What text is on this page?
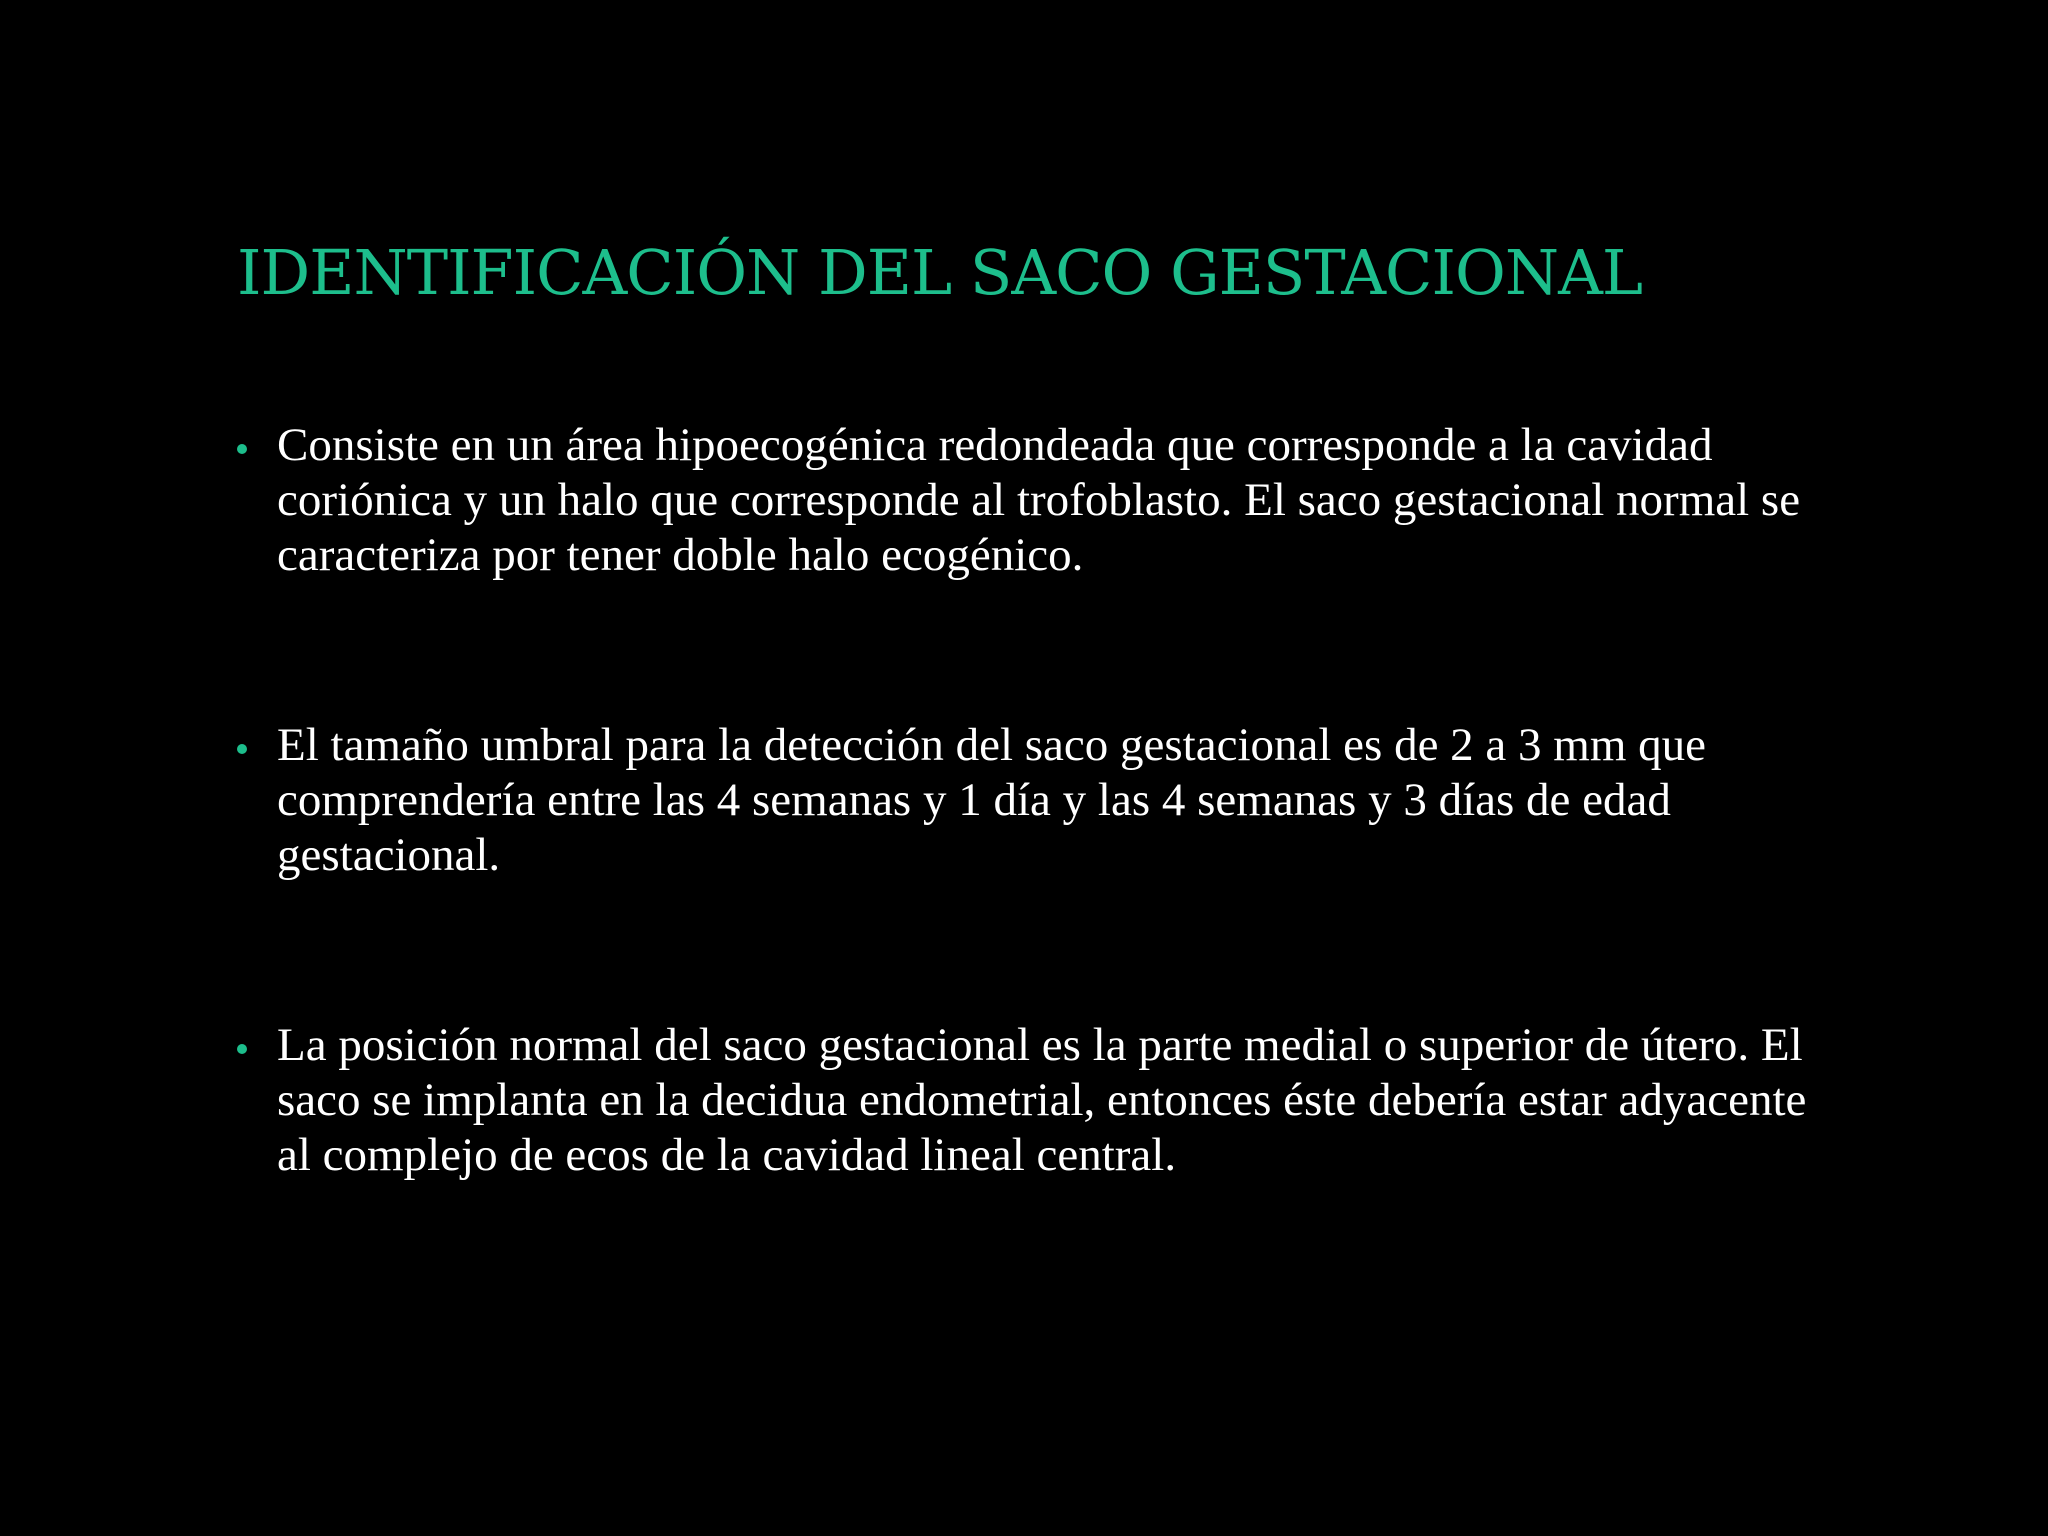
IDENTIFICACIÓN DEL SACO GESTACIONAL
Consiste en un área hipoecogénica redondeada que corresponde a la cavidad coriónica y un halo que corresponde al trofoblasto. El saco gestacional normal se caracteriza por tener doble halo ecogénico.
El tamaño umbral para la detección del saco gestacional es de 2 a 3 mm que comprendería entre las 4 semanas y 1 día y las 4 semanas y 3 días de edad gestacional.
La posición normal del saco gestacional es la parte medial o superior de útero. El saco se implanta en la decidua endometrial, entonces éste debería estar adyacente al complejo de ecos de la cavidad lineal central.
